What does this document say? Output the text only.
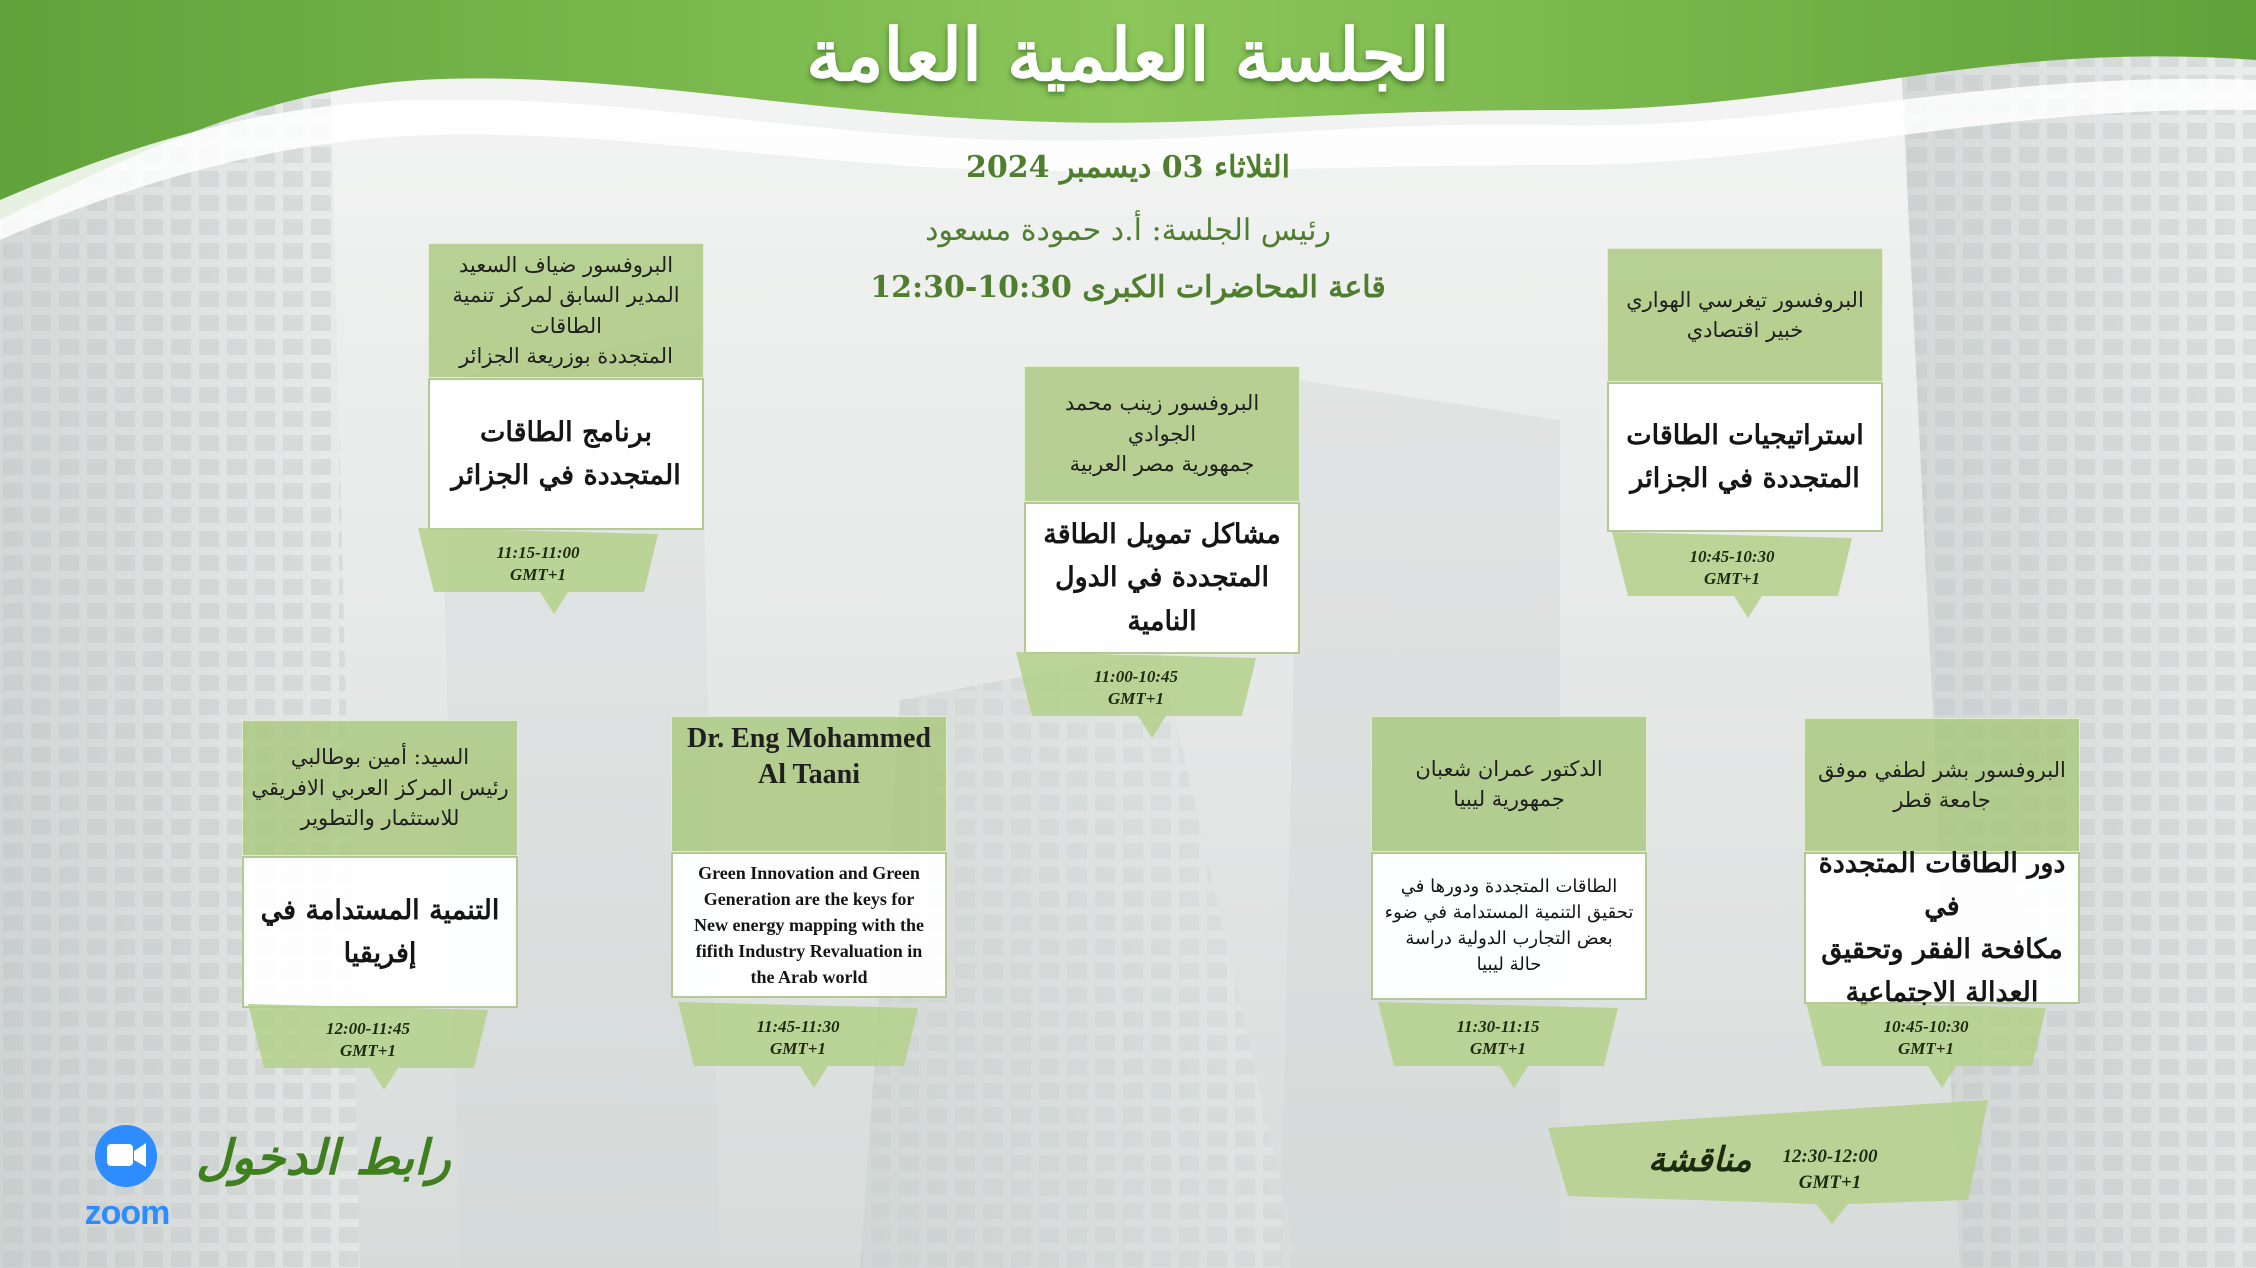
الجلسة العلمية العامة
الثلاثاء 03 ديسمبر 2024
رئيس الجلسة: أ.د حمودة مسعود
قاعة المحاضرات الكبرى 10:30-12:30
البروفسور ضياف السعيد
المدير السابق لمركز تنمية الطاقات
المتجددة بوزريعة الجزائر
برنامج الطاقات
المتجددة في الجزائر
11:15-11:00
GMT+1
البروفسور زينب محمد الجوادي
جمهورية مصر العربية
مشاكل تمويل الطاقة
المتجددة في الدول
النامية
11:00-10:45
GMT+1
البروفسور تيغرسي الهواري
خبير اقتصادي
استراتيجيات الطاقات
المتجددة في الجزائر
10:45-10:30
GMT+1
السيد: أمين بوطالبي
رئيس المركز العربي الافريقي
للاستثمار والتطوير
التنمية المستدامة في
إفريقيا
12:00-11:45
GMT+1
Dr. Eng Mohammed
Al Taani
Green Innovation and Green
Generation are the keys for
New energy mapping with the
fifith Industry Revaluation in
the Arab world
11:45-11:30
GMT+1
الدكتور عمران شعبان
جمهورية ليبيا
الطاقات المتجددة ودورها في
تحقيق التنمية المستدامة في ضوء
بعض التجارب الدولية دراسة
حالة ليبيا
11:30-11:15
GMT+1
البروفسور بشر لطفي موفق
جامعة قطر
دور الطاقات المتجددة في
مكافحة الفقر وتحقيق
العدالة الاجتماعية
10:45-10:30
GMT+1
12:30-12:00
GMT+1
مناقشة
zoom
رابط الدخول
